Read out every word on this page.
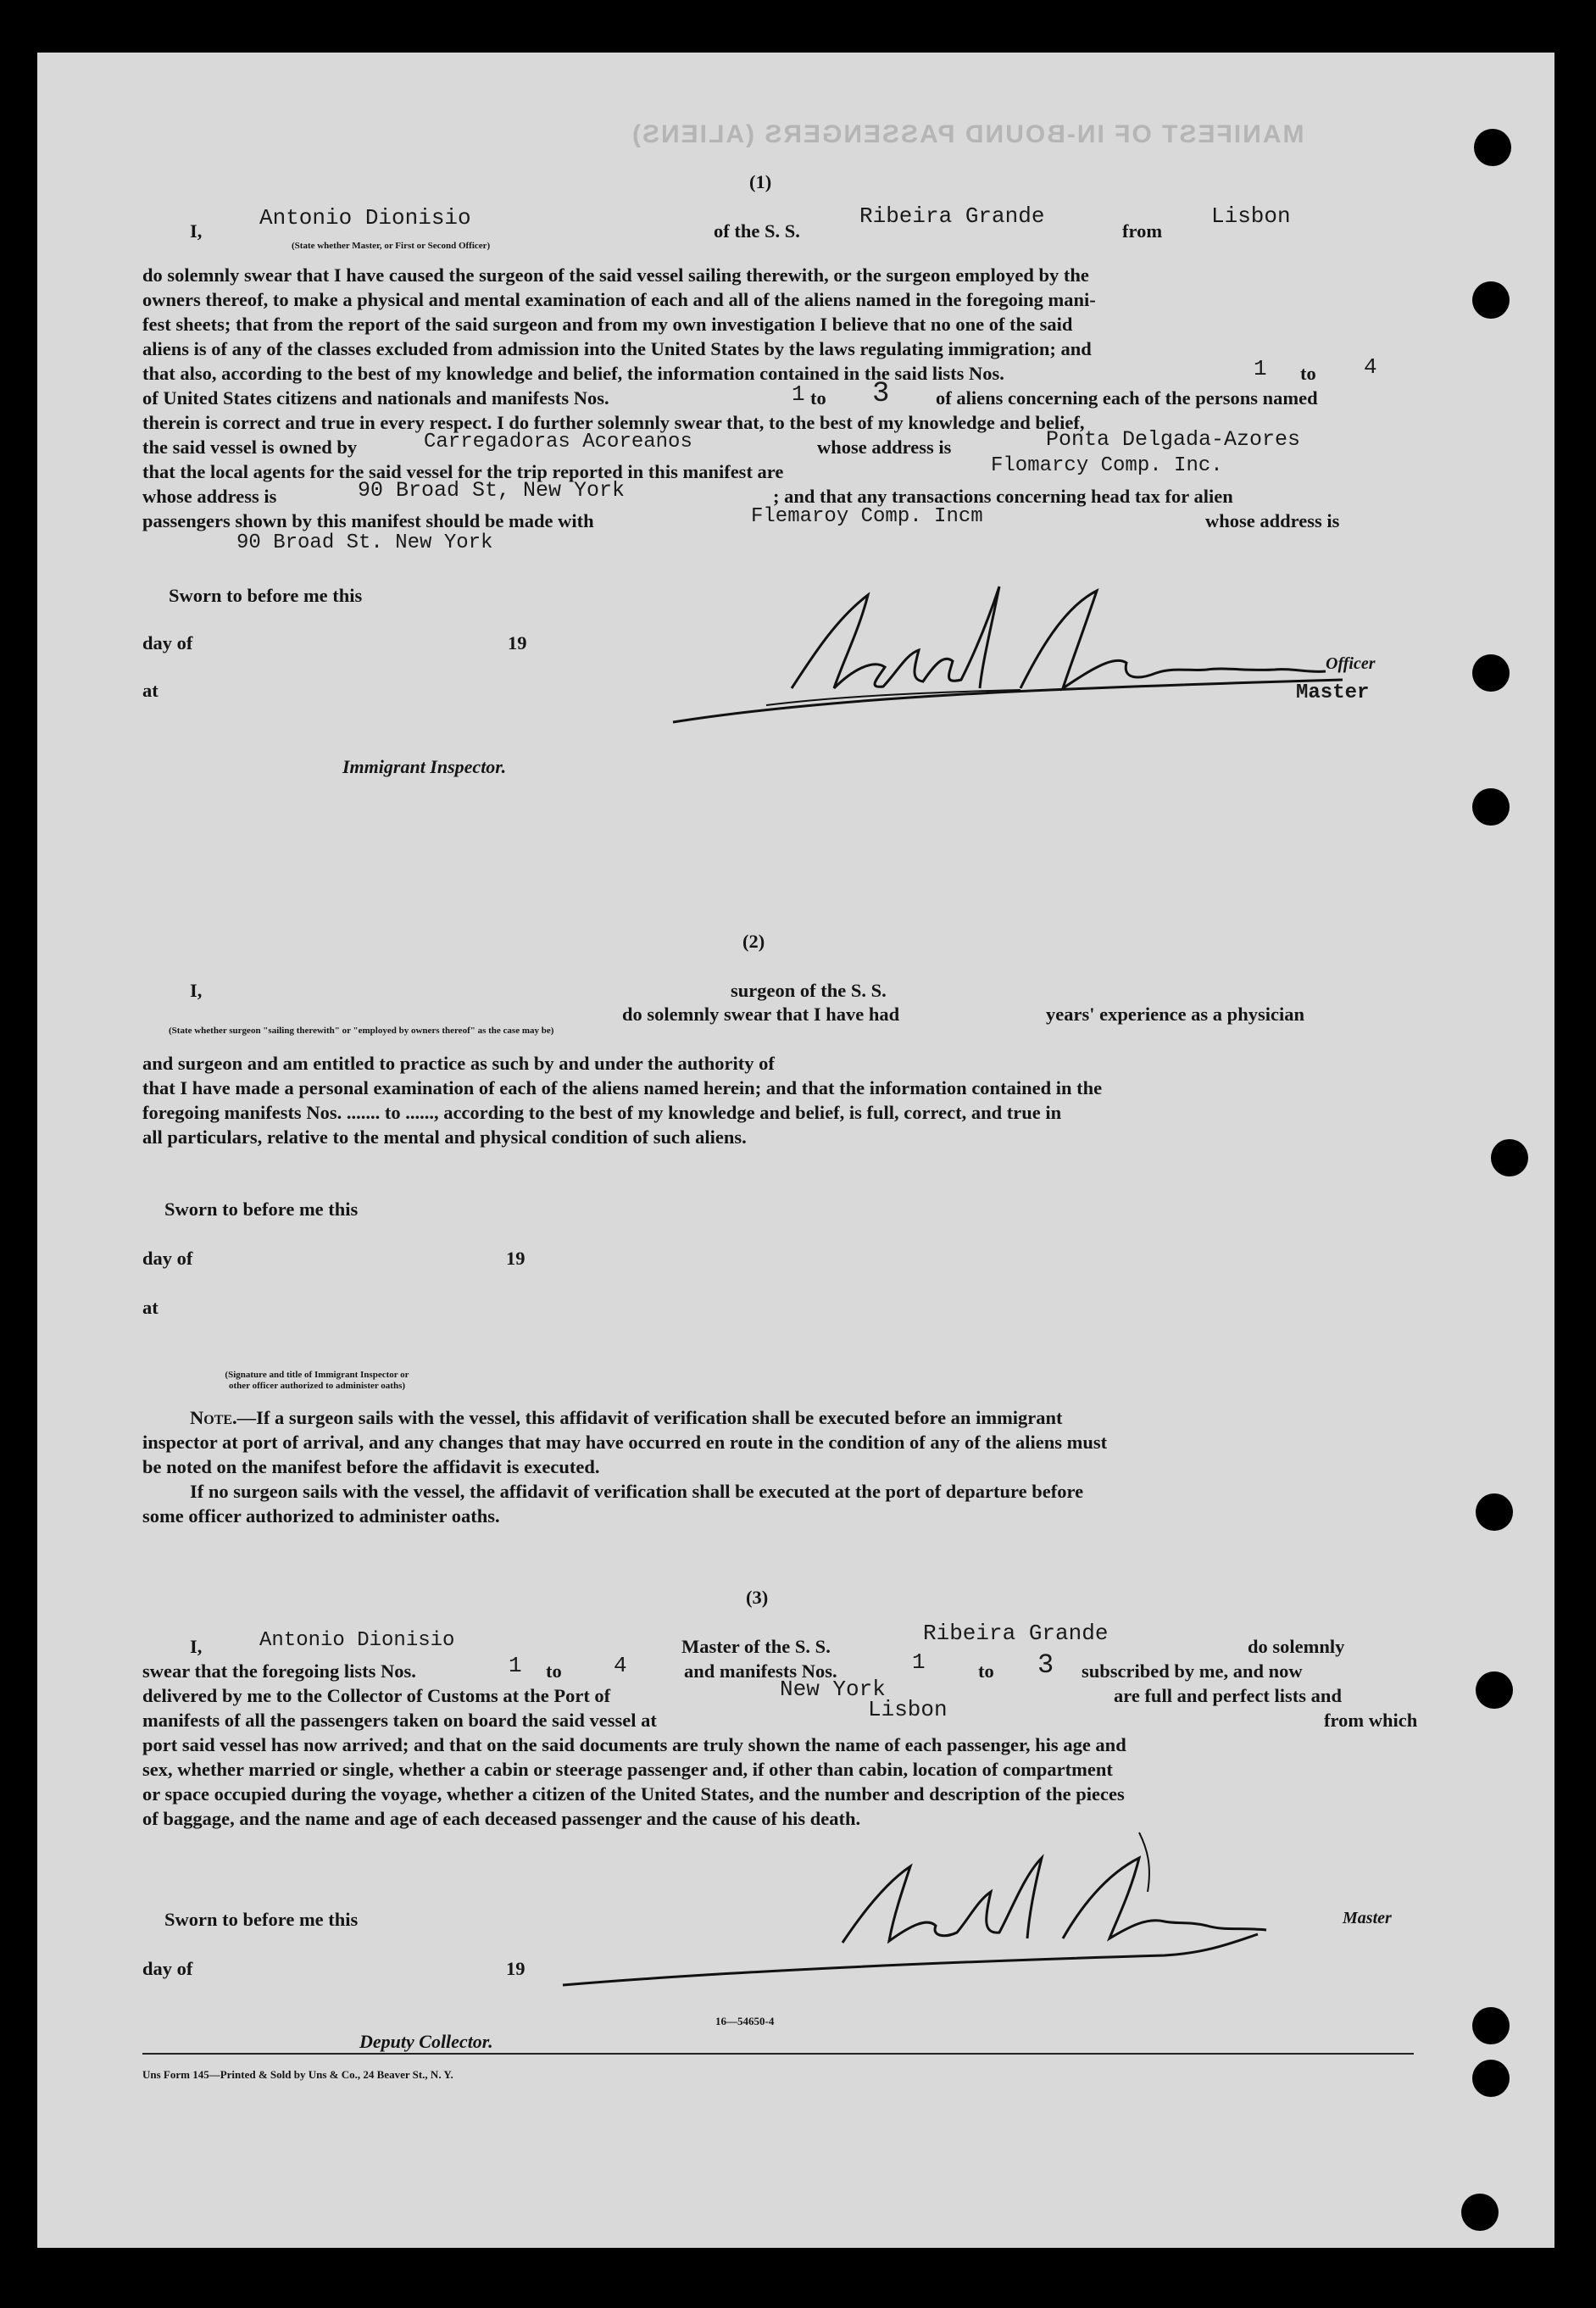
MANIFEST OF IN-BOUND PASSENGERS (ALIENS)
(1)
I,
Antonio Dionisio
(State whether Master, or First or Second Officer)
of the S. S.
Ribeira Grande
from
Lisbon
do solemnly swear that I have caused the surgeon of the said vessel sailing therewith, or the surgeon employed by the
owners thereof, to make a physical and mental examination of each and all of the aliens named in the foregoing mani-
fest sheets; that from the report of the said surgeon and from my own investigation I believe that no one of the said
aliens is of any of the classes excluded from admission into the United States by the laws regulating immigration; and
that also, according to the best of my knowledge and belief, the information contained in the said lists Nos.	1 to 4
of United States citizens and nationals and manifests Nos.	1 to 3 of aliens concerning each of the persons named
therein is correct and true in every respect. I do further solemnly swear that, to the best of my knowledge and belief,
the said vessel is owned by	Carregadoras Acoreanos	whose address is	Ponta Delgada-Azores
that the local agents for the said vessel for the trip reported in this manifest are	Flomarcy Comp. Inc.
whose address is	90 Broad St, New York	; and that any transactions concerning head tax for alien
passengers shown by this manifest should be made with	Flemaroy Comp. Incm	whose address is
90 Broad St. New York
Sworn to before me this
day of	19
at
Immigrant Inspector.
Officer
Master
(2)
I,	surgeon of the S. S.
do solemnly swear that I have had	years' experience as a physician
(State whether surgeon "sailing therewith" or "employed by owners thereof" as the case may be)
and surgeon and am entitled to practice as such by and under the authority of
that I have made a personal examination of each of the aliens named herein; and that the information contained in the
foregoing manifests Nos. ....... to ......, according to the best of my knowledge and belief, is full, correct, and true in
all particulars, relative to the mental and physical condition of such aliens.
Sworn to before me this
day of	19
at
(Signature and title of Immigrant Inspector or other officer authorized to administer oaths)
Note.—If a surgeon sails with the vessel, this affidavit of verification shall be executed before an immigrant
inspector at port of arrival, and any changes that may have occurred en route in the condition of any of the aliens must
be noted on the manifest before the affidavit is executed.
If no surgeon sails with the vessel, the affidavit of verification shall be executed at the port of departure before
some officer authorized to administer oaths.
(3)
I,	Antonio Dionisio	Master of the S. S.
Ribeira Grande
do solemnly
swear that the foregoing lists Nos.	1 to 4	and manifests Nos.	1	to 3 subscribed by me, and now
delivered by me to the Collector of Customs at the Port of	New York	are full and perfect lists and
manifests of all the passengers taken on board the said vessel at	Lisbon	from which
port said vessel has now arrived; and that on the said documents are truly shown the name of each passenger, his age and
sex, whether married or single, whether a cabin or steerage passenger and, if other than cabin, location of compartment
or space occupied during the voyage, whether a citizen of the United States, and the number and description of the pieces
of baggage, and the name and age of each deceased passenger and the cause of his death.
Sworn to before me this	Master
day of	19
Deputy Collector.
16—54650-4
Uns Form 145—Printed & Sold by Uns & Co., 24 Beaver St., N. Y.
